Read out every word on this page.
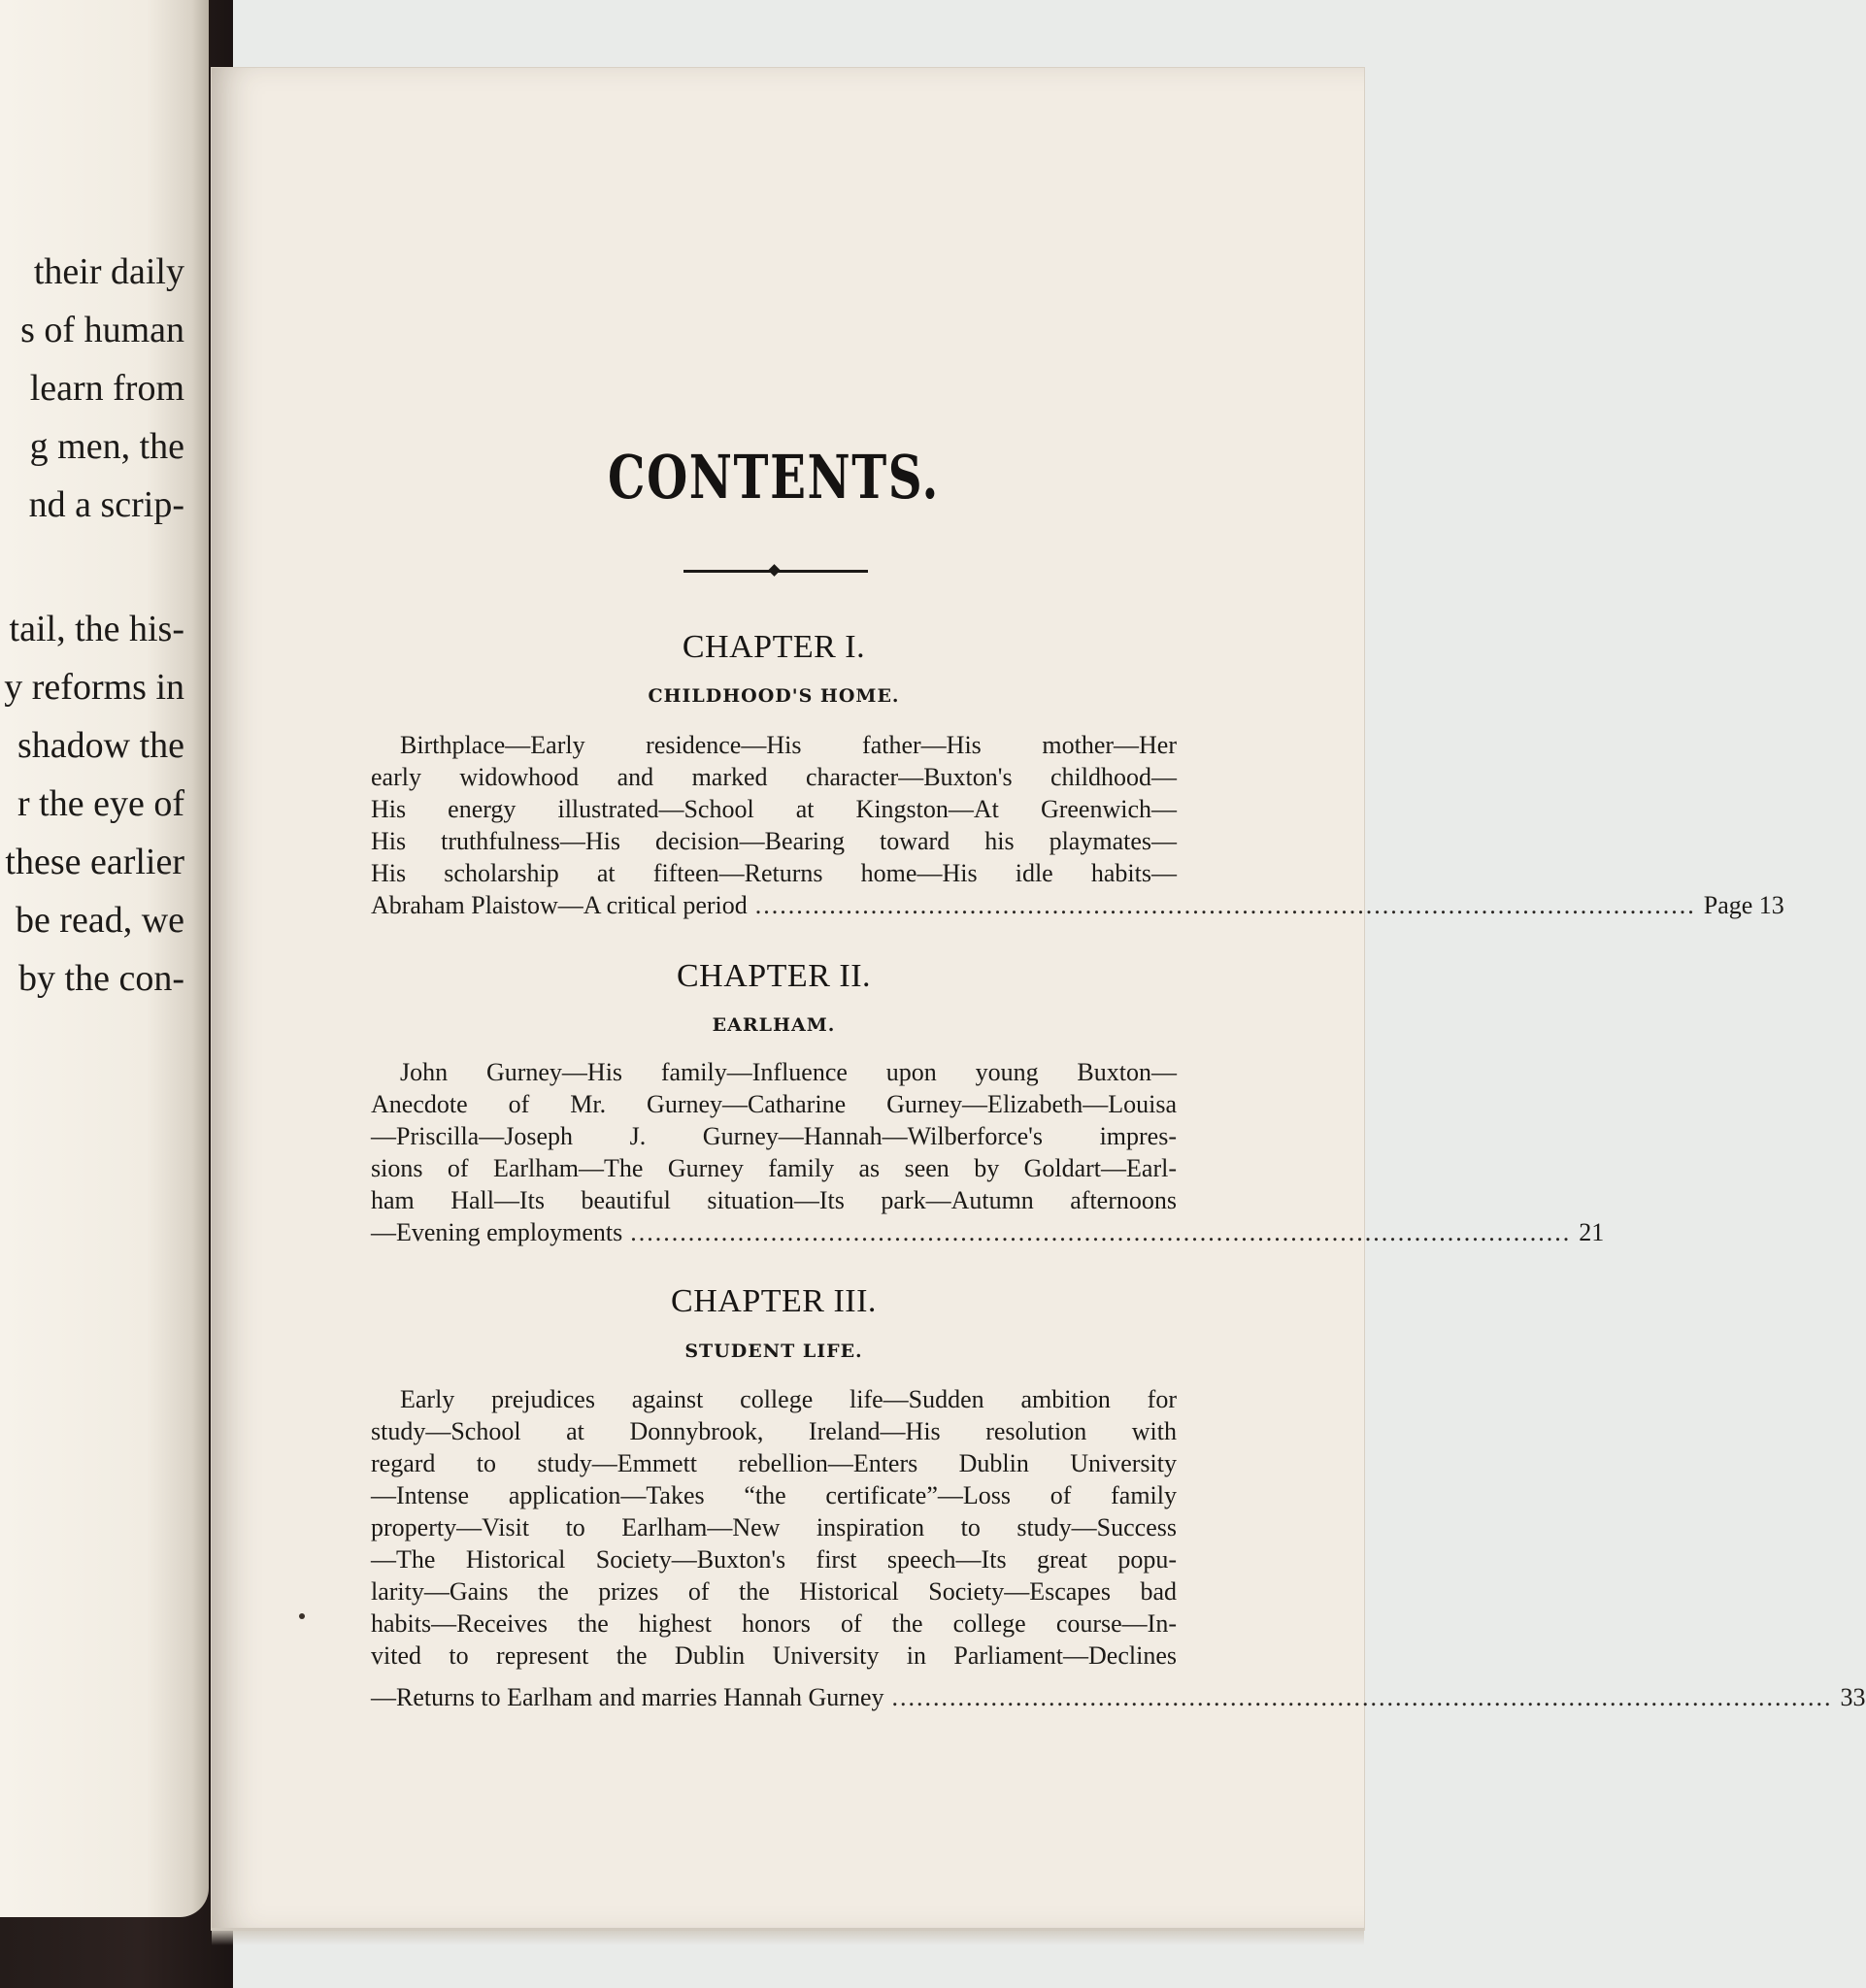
their daily
s of human
learn from
g men, the
nd a scrip-
tail, the his-
y reforms in
shadow the
r the eye of
these earlier
be read, we
by the con-

CONTENTS.
CHAPTER I.
CHILDHOOD'S HOME.
Birthplace—Early residence—His father—His mother—Her
early widowhood and marked character—Buxton's childhood—
His energy illustrated—School at Kingston—At Greenwich—
His truthfulness—His decision—Bearing toward his playmates—
His scholarship at fifteen—Returns home—His idle habits—
Abraham Plaistow—A critical period .................................................................................................................. Page 13
CHAPTER II.
EARLHAM.
John Gurney—His family—Influence upon young Buxton—
Anecdote of Mr. Gurney—Catharine Gurney—Elizabeth—Louisa
—Priscilla—Joseph J. Gurney—Hannah—Wilberforce's impres-
sions of Earlham—The Gurney family as seen by Goldart—Earl-
ham Hall—Its beautiful situation—Its park—Autumn afternoons
—Evening employments .................................................................................................................. 21
CHAPTER III.
STUDENT LIFE.
Early prejudices against college life—Sudden ambition for
study—School at Donnybrook, Ireland—His resolution with
regard to study—Emmett rebellion—Enters Dublin University
—Intense application—Takes “the certificate”—Loss of family
property—Visit to Earlham—New inspiration to study—Success
—The Historical Society—Buxton's first speech—Its great popu-
larity—Gains the prizes of the Historical Society—Escapes bad
habits—Receives the highest honors of the college course—In-
vited to represent the Dublin University in Parliament—Declines
—Returns to Earlham and marries Hannah Gurney .................................................................................................................. 33
